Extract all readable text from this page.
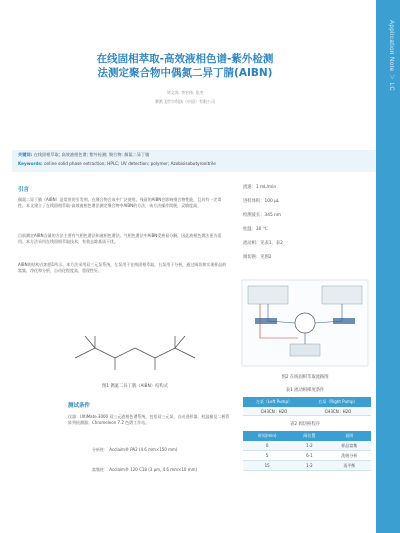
Application Note ＞ LC
在线固相萃取-高效液相色谱-紫外检测
法测定聚合物中偶氮二异丁腈(AIBN)
刘文涛, 李宏伟, 张杰
赛默飞世尔科技（中国）有限公司
关键词: 在线固相萃取; 高效液相色谱; 紫外检测; 聚合物; 偶氮二异丁腈
Keywords: online solid phase extraction; HPLC; UV detection; polymer; Azobisisobutyronitrile
引言
偶氮二异丁腈（AIBN）是常用的引发剂，在聚合物合成中广泛使用。残留的AIBN会影响聚合物性能，且具有一定毒性。本文建立了在线固相萃取-高效液相色谱法测定聚合物中AIBN的方法，该方法操作简便，灵敏度高。
目前测定AIBN含量的方法主要有气相色谱法和液相色谱法。气相色谱法中AIBN受热易分解，因此液相色谱法更为适用。本方法采用在线固相萃取技术，有效去除基质干扰。
AIBN的结构式如图1所示。本方法采用双三元泵系统，左泵用于在线固相萃取，右泵用于分析，通过阀切换实现样品的富集、净化和分析，自动化程度高，重现性好。
图1 偶氮二异丁腈（AIBN）结构式
测试条件
仪器：UltiMate 3000 双三元液相色谱系统，包括双三元泵、自动进样器、柱温箱及二极管阵列检测器；Chromeleon 7.2 色谱工作站。
分析柱： Acclaim® PA2 (4.6 mm×150 mm)
富集柱： Acclaim® 120 C18 (3 μm, 4.6 mm×10 mm)
流速：1 mL/min
进样体积：100 μL
检测波长：345 nm
柱温：30 ℃
流动相：见表1、表2
阀切换：见图2
图2 在线固相萃取流路图
表1 流动相梯度条件
左泵（Left Pump）	右泵（Right Pump）
CH3CN : H2O	CH3CN : H2O
表2 阀切换程序
时间(min)	阀位置	说明
0	1-2	样品富集
5	6-1	洗脱分析
15	1-2	再平衡
